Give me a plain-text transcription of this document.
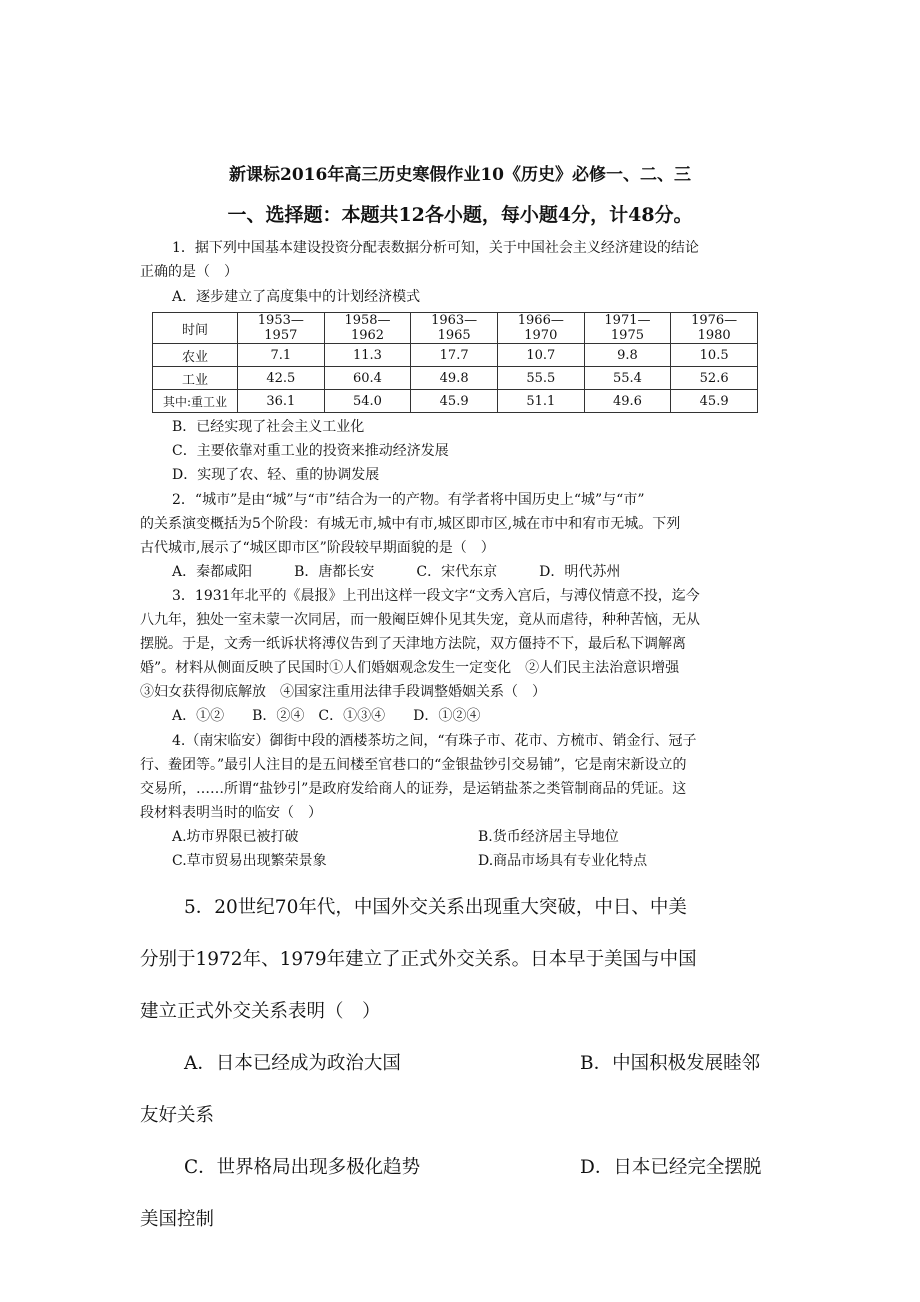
新课标2016年高三历史寒假作业10《历史》必修一、二、三
一、选择题：本题共12各小题，每小题4分，计48分。
1．据下列中国基本建设投资分配表数据分析可知，关于中国社会主义经济建设的结论
正确的是（　）
A．逐步建立了高度集中的计划经济模式
时间	1953—1957	1958—1962	1963—1965	1966—1970	1971—1975	1976—1980
农业	7.1	11.3	17.7	10.7	9.8	10.5
工业	42.5	60.4	49.8	55.5	55.4	52.6
其中:重工业	36.1	54.0	45.9	51.1	49.6	45.9
B．已经实现了社会主义工业化
C．主要依靠对重工业的投资来推动经济发展
D．实现了农、轻、重的协调发展
2．“城市”是由“城”与“市”结合为一的产物。有学者将中国历史上“城”与“市”
的关系演变概括为5个阶段：有城无市,城中有市,城区即市区,城在市中和宥市无城。下列
古代城市,展示了“城区即市区”阶段较早期面貌的是（　）
A．秦都咸阳　　　B．唐都长安　　　C．宋代东京　　　D．明代苏州
3．1931年北平的《晨报》上刊出这样一段文字“文秀入宫后，与溥仪情意不投，迄今
八九年，独处一室未蒙一次同居，而一般阉臣婢仆见其失宠，竟从而虐待，种种苦恼，无从
摆脱。于是，文秀一纸诉状将溥仪告到了天津地方法院，双方僵持不下，最后私下调解离
婚”。材料从侧面反映了民国时①人们婚姻观念发生一定变化　②人们民主法治意识增强
③妇女获得彻底解放　④国家注重用法律手段调整婚姻关系（　）
A．①②　　B．②④　C．①③④　　D．①②④
4.（南宋临安）御街中段的酒楼茶坊之间，“有珠子市、花市、方梳市、销金行、冠子
行、鲞团等。”最引人注目的是五间楼至官巷口的“金银盐钞引交易铺”，它是南宋新设立的
交易所，……所谓“盐钞引”是政府发给商人的证券，是运销盐茶之类管制商品的凭证。这
段材料表明当时的临安（　）
A.坊市界限已被打破	B.货币经济居主导地位
C.草市贸易出现繁荣景象	D.商品市场具有专业化特点
5．20世纪70年代，中国外交关系出现重大突破，中日、中美
分别于1972年、1979年建立了正式外交关系。日本早于美国与中国
建立正式外交关系表明（　）
A．日本已经成为政治大国	B．中国积极发展睦邻
友好关系
C．世界格局出现多极化趋势	D．日本已经完全摆脱
美国控制
